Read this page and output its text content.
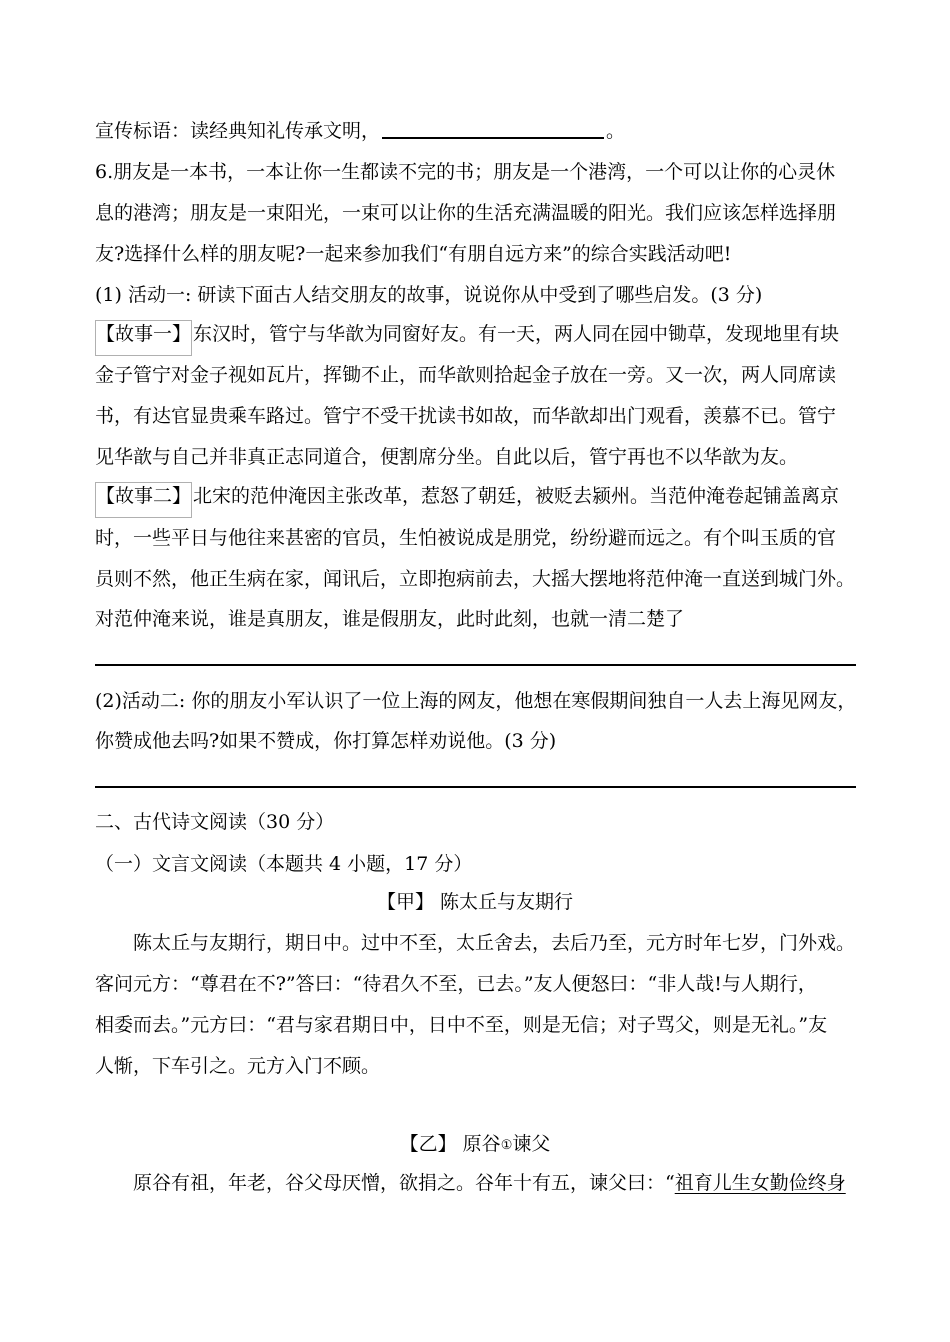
宣传标语：读经典知礼传承文明，	。
6.朋友是一本书，一本让你一生都读不完的书；朋友是一个港湾，一个可以让你的心灵休
息的港湾；朋友是一束阳光，一束可以让你的生活充满温暖的阳光。我们应该怎样选择朋
友?选择什么样的朋友呢?一起来参加我们“有朋自远方来”的综合实践活动吧!
(1) 活动一: 研读下面古人结交朋友的故事，说说你从中受到了哪些启发。(3 分)
【故事一】 东汉时，管宁与华歆为同窗好友。有一天，两人同在园中锄草，发现地里有块
金子管宁对金子视如瓦片，挥锄不止，而华歆则拾起金子放在一旁。又一次，两人同席读
书，有达官显贵乘车路过。管宁不受干扰读书如故，而华歆却出门观看，羡慕不已。管宁
见华歆与自己并非真正志同道合，便割席分坐。自此以后，管宁再也不以华歆为友。
【故事二】 北宋的范仲淹因主张改革，惹怒了朝廷，被贬去颍州。当范仲淹卷起铺盖离京
时，一些平日与他往来甚密的官员，生怕被说成是朋党，纷纷避而远之。有个叫玉质的官
员则不然，他正生病在家，闻讯后，立即抱病前去，大摇大摆地将范仲淹一直送到城门外。
对范仲淹来说，谁是真朋友，谁是假朋友，此时此刻，也就一清二楚了
(2)活动二: 你的朋友小军认识了一位上海的网友，他想在寒假期间独自一人去上海见网友，
你赞成他去吗?如果不赞成，你打算怎样劝说他。(3 分)
二、古代诗文阅读（30 分）
（一）文言文阅读（本题共 4 小题，17 分）
【甲】 陈太丘与友期行
陈太丘与友期行，期日中。过中不至，太丘舍去，去后乃至，元方时年七岁，门外戏。
客问元方：“尊君在不?”答曰：“待君久不至，已去。”友人便怒曰：“非人哉!与人期行，
相委而去。”元方曰：“君与家君期日中，日中不至，则是无信；对子骂父，则是无礼。”友
人惭，下车引之。元方入门不顾。
【乙】 原谷①谏父
原谷有祖，年老，谷父母厌憎，欲捐之。谷年十有五，谏父曰：“祖育儿生女勤俭终身
